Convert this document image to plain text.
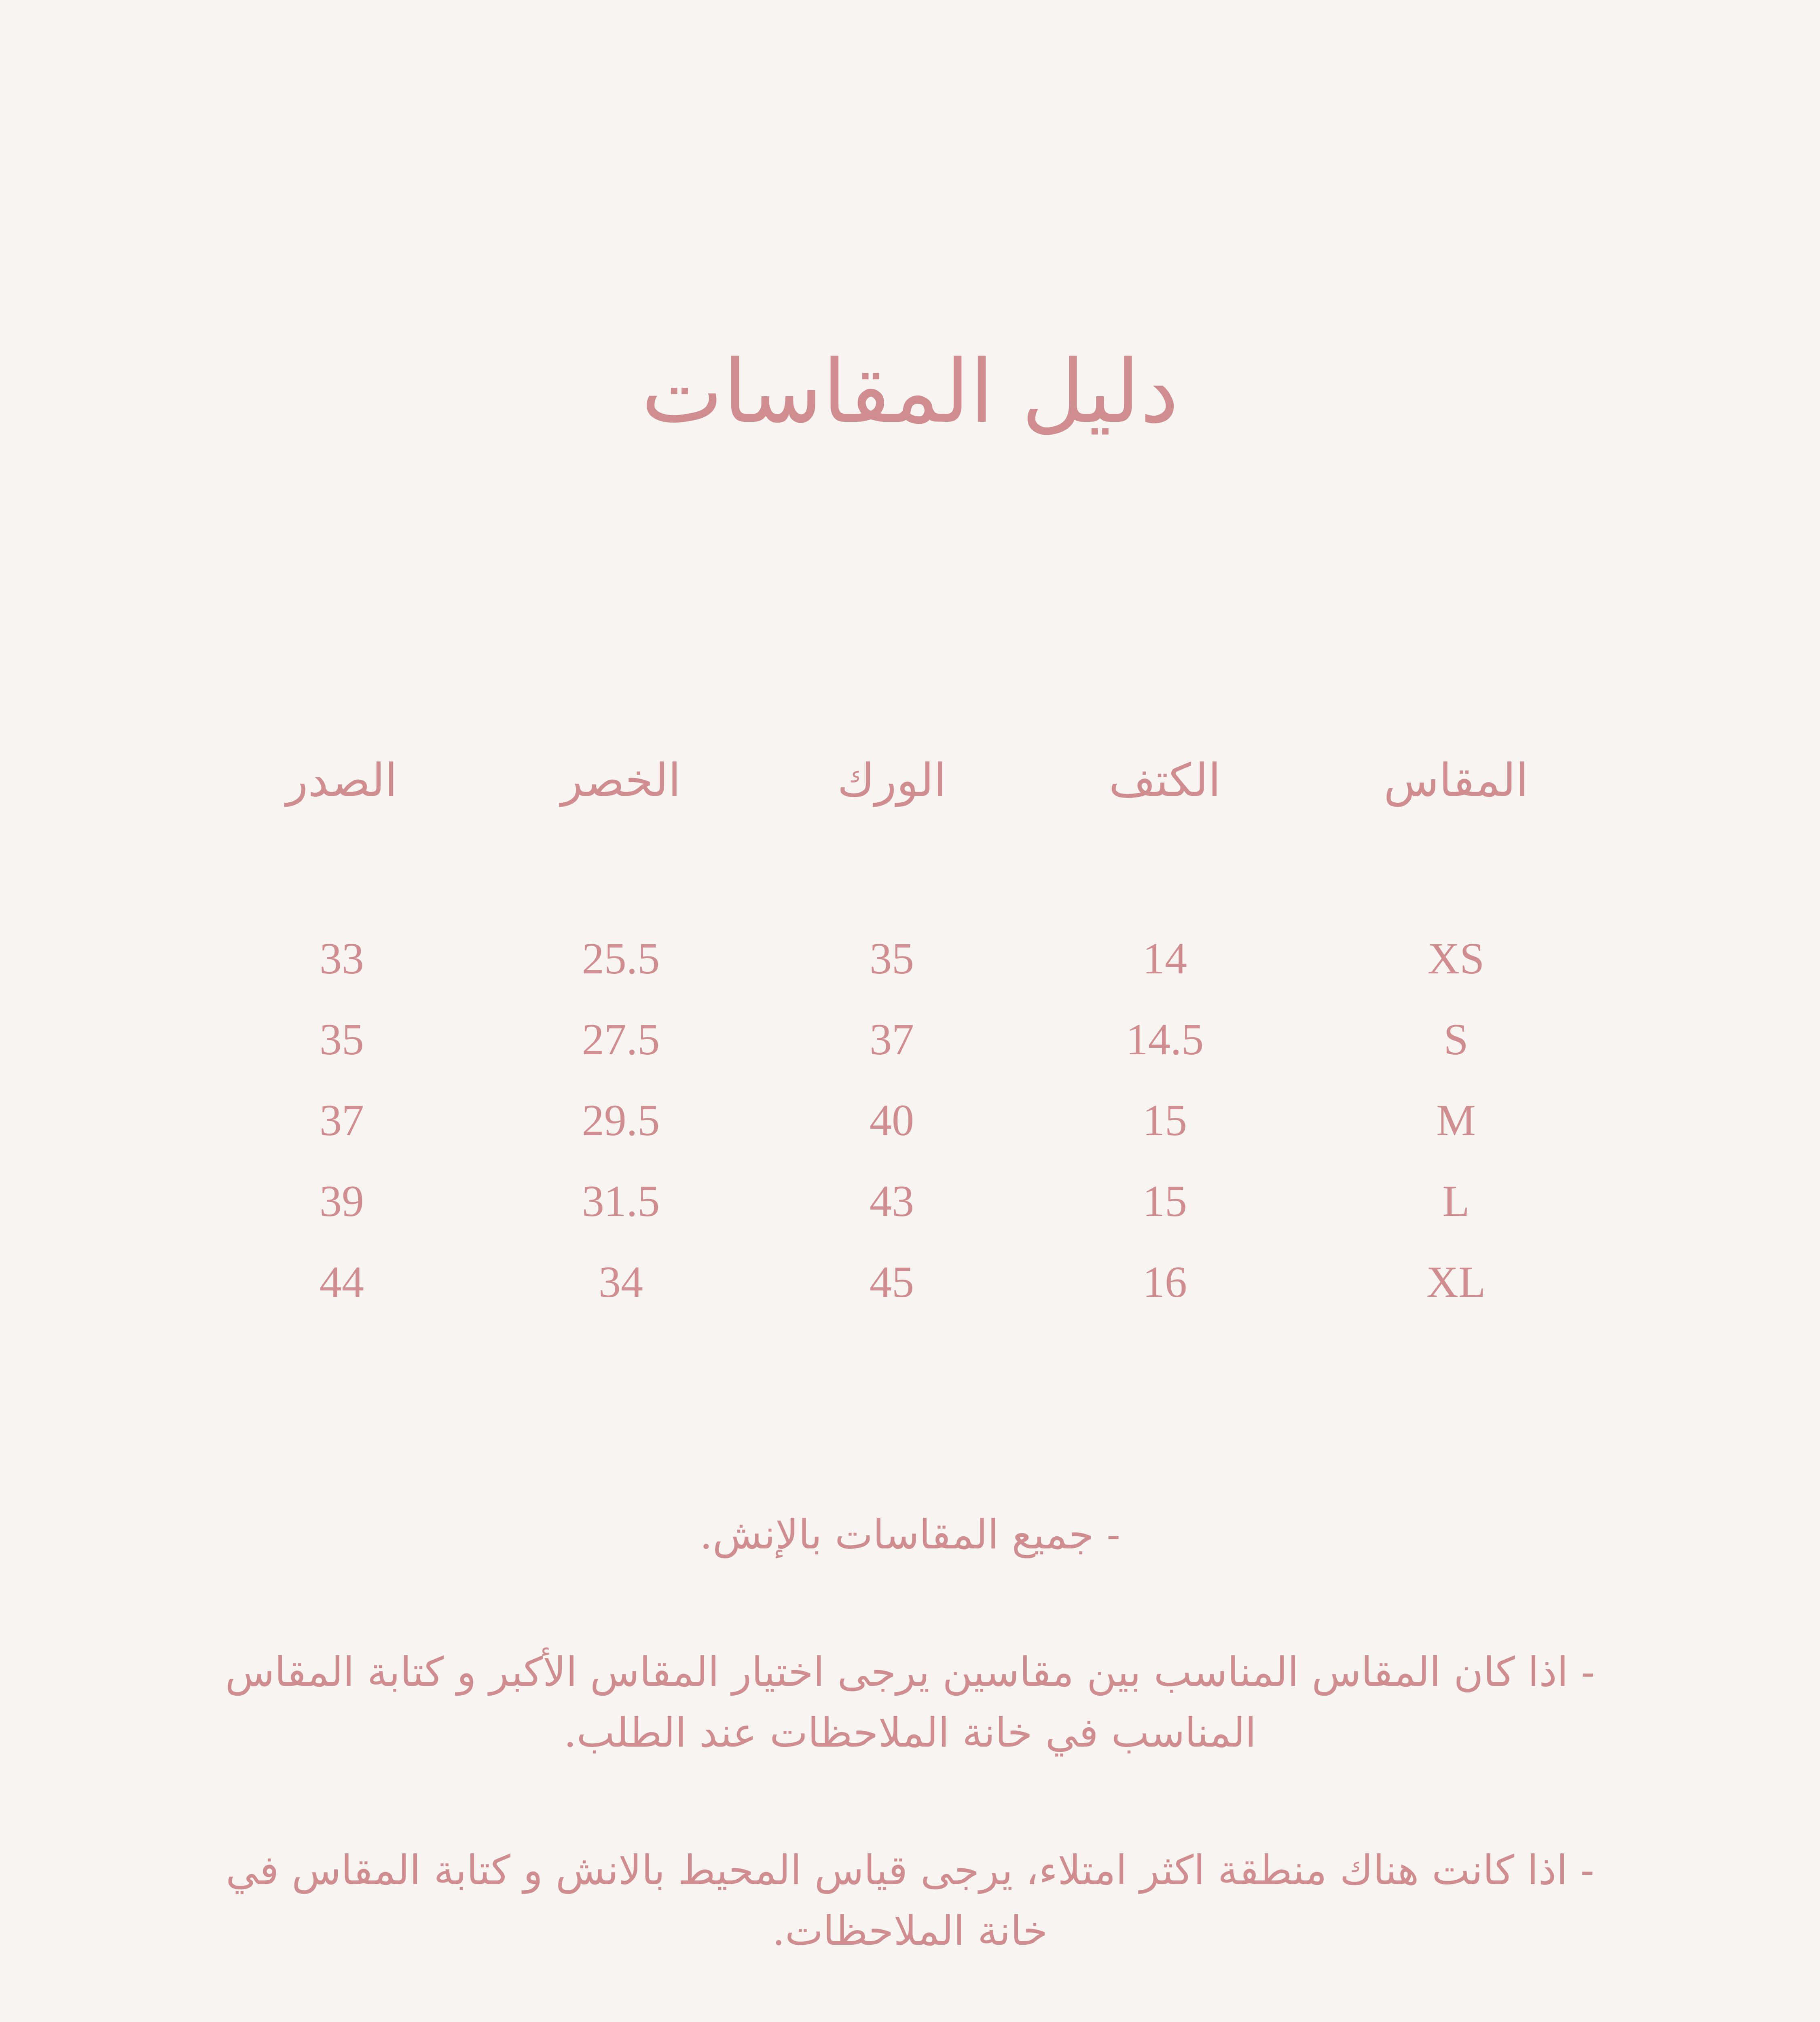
دليل المقاسات
المقاس
XS
S
M
L
XL
الكتف
14
14.5
15
15
16
الورك
35
37
40
43
45
الخصر
25.5
27.5
29.5
31.5
34
الصدر
33
35
37
39
44

- جميع المقاسات بالإنش.

- اذا كان المقاس المناسب بين مقاسين يرجى اختيار المقاس الأكبر و كتابة المقاس المناسب في خانة الملاحظات عند الطلب.

- اذا كانت هناك منطقة اكثر امتلاء، يرجى قياس المحيط بالانش و كتابة المقاس في خانة الملاحظات.
